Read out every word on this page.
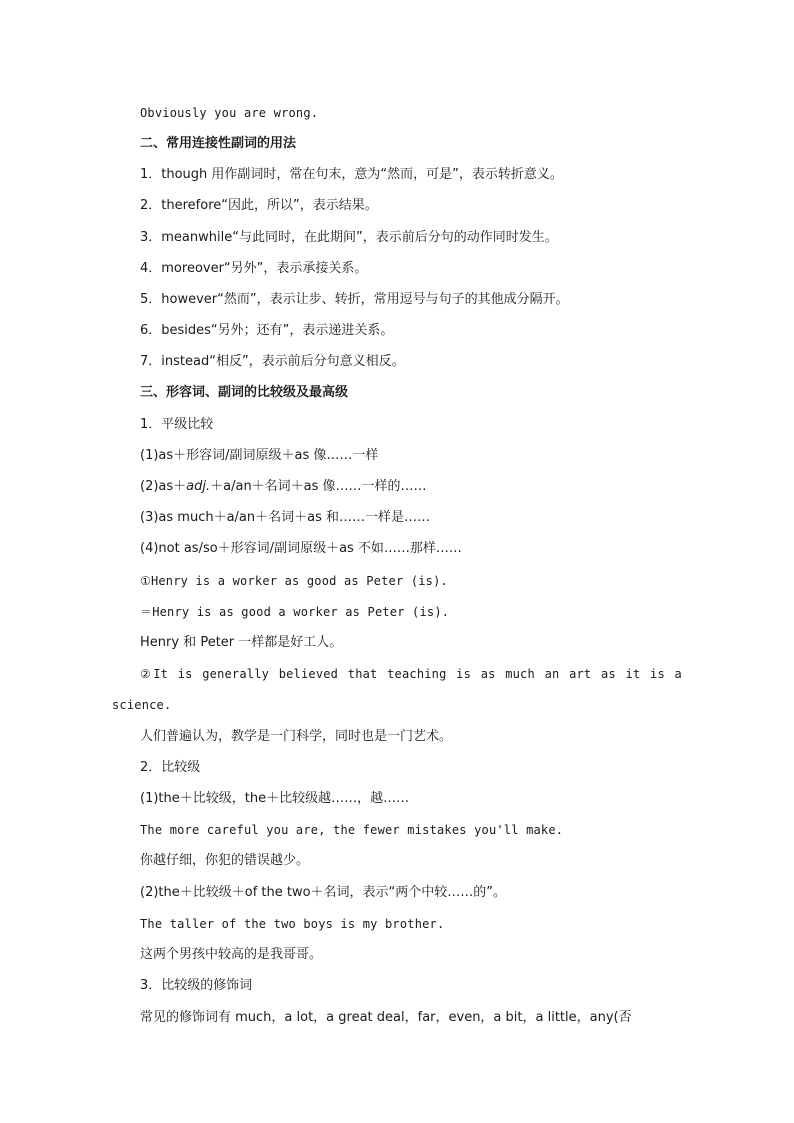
Obviously you are wrong.
二、常用连接性副词的用法
1．though 用作副词时，常在句末，意为“然而，可是”，表示转折意义。
2．therefore“因此，所以”，表示结果。
3．meanwhile“与此同时，在此期间”，表示前后分句的动作同时发生。
4．moreover“另外”，表示承接关系。
5．however“然而”，表示让步、转折，常用逗号与句子的其他成分隔开。
6．besides“另外；还有”，表示递进关系。
7．instead“相反”，表示前后分句意义相反。
三、形容词、副词的比较级及最高级
1．平级比较
(1)as＋形容词/副词原级＋as 像……一样
(2)as＋adj.＋a/an＋名词＋as 像……一样的……
(3)as much＋a/an＋名词＋as 和……一样是……
(4)not as/so＋形容词/副词原级＋as 不如……那样……
①Henry is a worker as good as Peter (is).
＝Henry is as good a worker as Peter (is).
Henry 和 Peter 一样都是好工人。
②It is generally believed that teaching is as much an art as it is a
science.
人们普遍认为，教学是一门科学，同时也是一门艺术。
2．比较级
(1)the＋比较级，the＋比较级越……，越……
The more careful you are, the fewer mistakes you'll make.
你越仔细，你犯的错误越少。
(2)the＋比较级＋of the two＋名词，表示“两个中较……的”。
The taller of the two boys is my brother.
这两个男孩中较高的是我哥哥。
3．比较级的修饰词
常见的修饰词有 much，a lot，a great deal，far，even，a bit，a little，any(否
